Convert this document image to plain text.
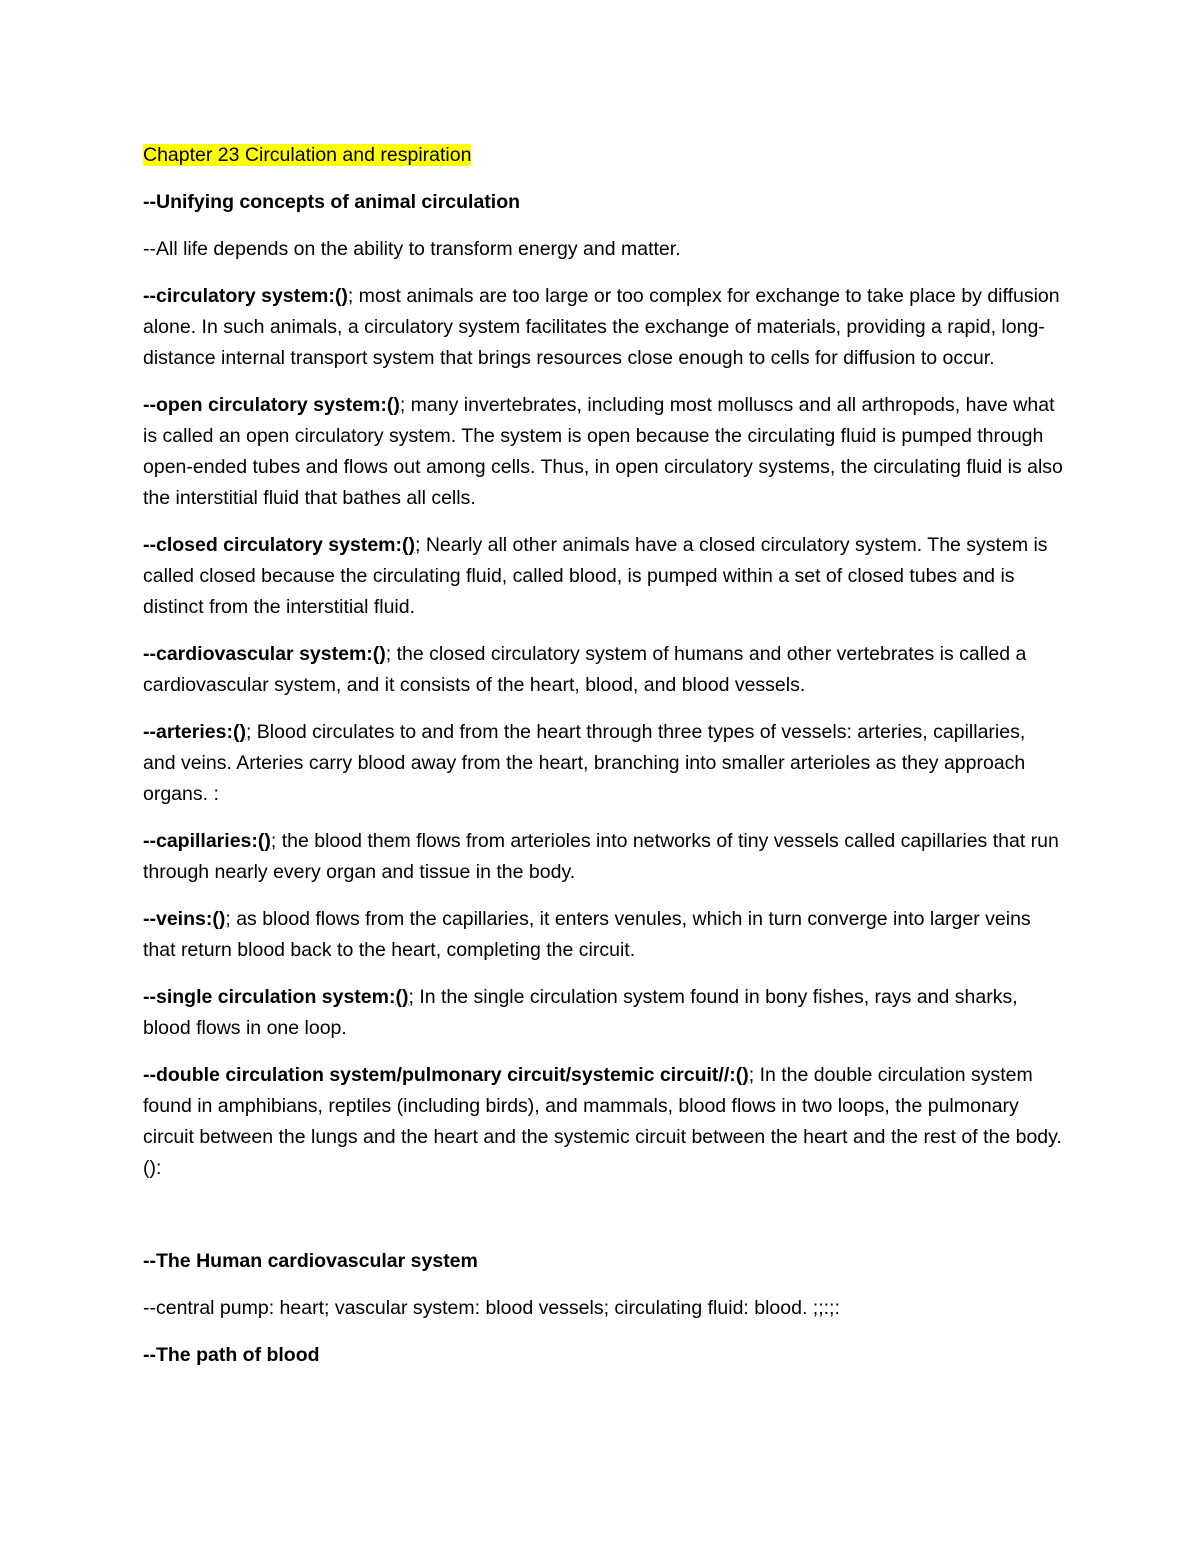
Chapter 23 Circulation and respiration

--Unifying concepts of animal circulation

--All life depends on the ability to transform energy and matter.

--circulatory system:(); most animals are too large or too complex for exchange to take place by diffusion alone. In such animals, a circulatory system facilitates the exchange of materials, providing a rapid, long-distance internal transport system that brings resources close enough to cells for diffusion to occur.

--open circulatory system:(); many invertebrates, including most molluscs and all arthropods, have what is called an open circulatory system. The system is open because the circulating fluid is pumped through open-ended tubes and flows out among cells. Thus, in open circulatory systems, the circulating fluid is also the interstitial fluid that bathes all cells.

--closed circulatory system:(); Nearly all other animals have a closed circulatory system. The system is called closed because the circulating fluid, called blood, is pumped within a set of closed tubes and is distinct from the interstitial fluid.

--cardiovascular system:(); the closed circulatory system of humans and other vertebrates is called a cardiovascular system, and it consists of the heart, blood, and blood vessels.

--arteries:(); Blood circulates to and from the heart through three types of vessels: arteries, capillaries, and veins. Arteries carry blood away from the heart, branching into smaller arterioles as they approach organs. :

--capillaries:(); the blood them flows from arterioles into networks of tiny vessels called capillaries that run through nearly every organ and tissue in the body.

--veins:(); as blood flows from the capillaries, it enters venules, which in turn converge into larger veins that return blood back to the heart, completing the circuit.

--single circulation system:(); In the single circulation system found in bony fishes, rays and sharks, blood flows in one loop.

--double circulation system/pulmonary circuit/systemic circuit//:(); In the double circulation system found in amphibians, reptiles (including birds), and mammals, blood flows in two loops, the pulmonary circuit between the lungs and the heart and the systemic circuit between the heart and the rest of the body. ():

--The Human cardiovascular system

--central pump: heart; vascular system: blood vessels; circulating fluid: blood. ;;:;:

--The path of blood
